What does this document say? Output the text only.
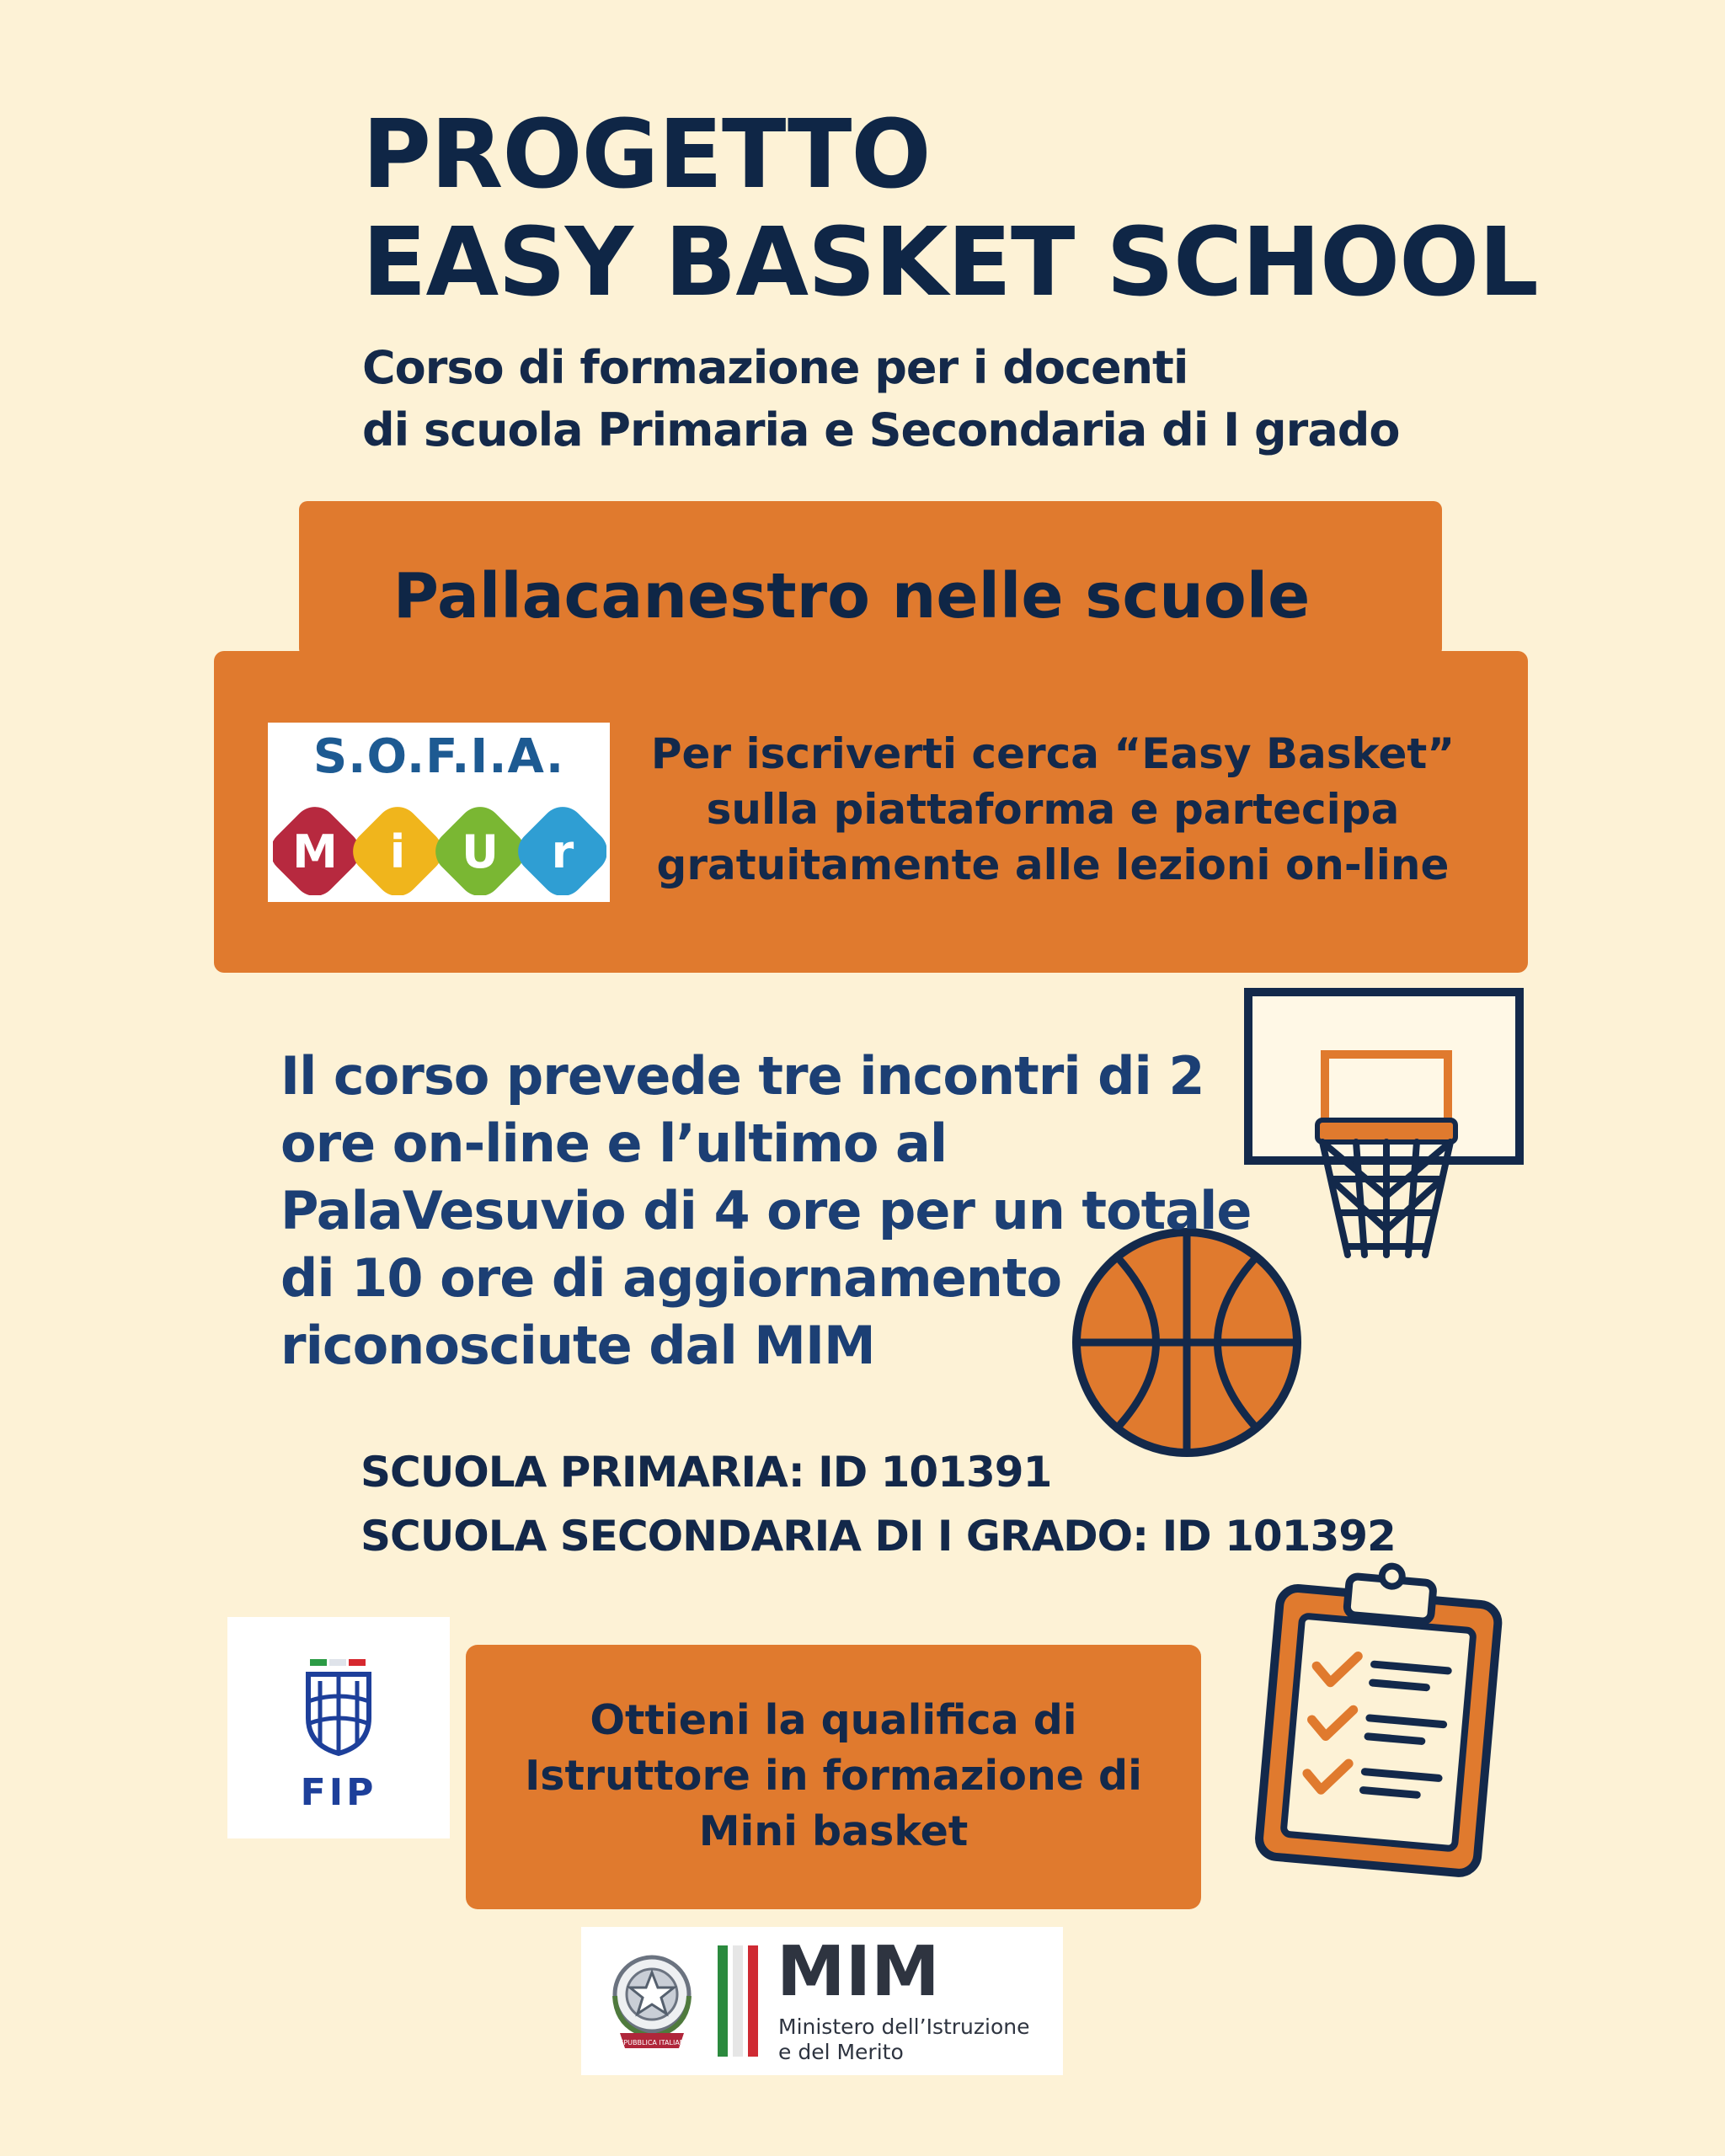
PROGETTO
EASY BASKET SCHOOL
Corso di formazione per i docenti
di scuola Primaria e Secondaria di I grado
Pallacanestro nelle scuole
S.O.F.I.A.
M i U r
Per iscriverti cerca “Easy Basket”
sulla piattaforma e partecipa
gratuitamente alle lezioni on-line
Il corso prevede tre incontri di 2
ore on-line e l’ultimo al
PalaVesuvio di 4 ore per un totale
di 10 ore di aggiornamento
riconosciute dal MIM
SCUOLA PRIMARIA: ID 101391
SCUOLA SECONDARIA DI I GRADO: ID 101392
FIP
Ottieni la qualifica di
Istruttore in formazione di
Mini basket
REPUBBLICA ITALIANA
MIM
Ministero dell’Istruzione
e del Merito
